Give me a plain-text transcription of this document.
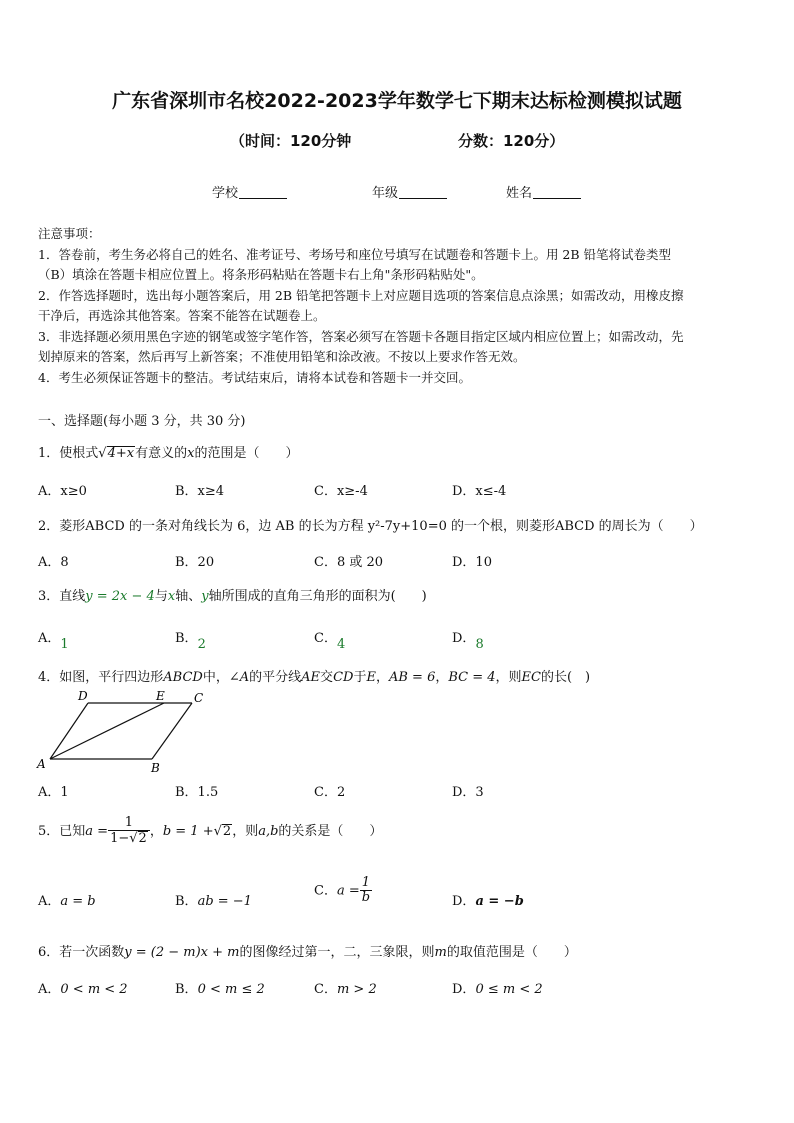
广东省深圳市名校2022-2023学年数学七下期末达标检测模拟试题
（时间：120分钟	分数：120分）
学校	年级	姓名
注意事项：
1．答卷前，考生务必将自己的姓名、准考证号、考场号和座位号填写在试题卷和答题卡上。用 2B 铅笔将试卷类型
（B）填涂在答题卡相应位置上。将条形码粘贴在答题卡右上角"条形码粘贴处"。
2．作答选择题时，选出每小题答案后，用 2B 铅笔把答题卡上对应题目选项的答案信息点涂黑；如需改动，用橡皮擦
干净后，再选涂其他答案。答案不能答在试题卷上。
3．非选择题必须用黑色字迹的钢笔或签字笔作答，答案必须写在答题卡各题目指定区域内相应位置上；如需改动，先
划掉原来的答案，然后再写上新答案；不准使用铅笔和涂改液。不按以上要求作答无效。
4．考生必须保证答题卡的整洁。考试结束后，请将本试卷和答题卡一并交回。
一、选择题(每小题 3 分，共 30 分)
1．使根式√4+x有意义的x的范围是（　　）
A．x≥0	B．x≥4	C．x≥-4	D．x≤-4
2．菱形ABCD 的一条对角线长为 6，边 AB 的长为方程 y²-7y+10=0 的一个根，则菱形ABCD 的周长为（　　）
A．8	B．20	C．8 或 20	D．10
3．直线y = 2x − 4与x轴、y轴所围成的直角三角形的面积为(　　)
A．1	B．2	C．4	D．8
4．如图，平行四边形ABCD中，∠A的平分线AE交CD于E，AB = 6，BC = 4，则EC的长(　)
D	E C
A	B
A．1	B．1.5	C．2	D．3
5．已知$a = \frac{1}{1-√2}$ ，b = 1 +√2，则a,b的关系是（　　）
A．a = b	B．ab = −1
C．$a = \frac{1}{b}$	D．a = −b
6．若一次函数y = (2 − m)x + m的图像经过第一，二，三象限，则m的取值范围是（　　）
A．0 < m < 2	B．0 < m ≤ 2	C．m > 2	D．0 ≤ m < 2
